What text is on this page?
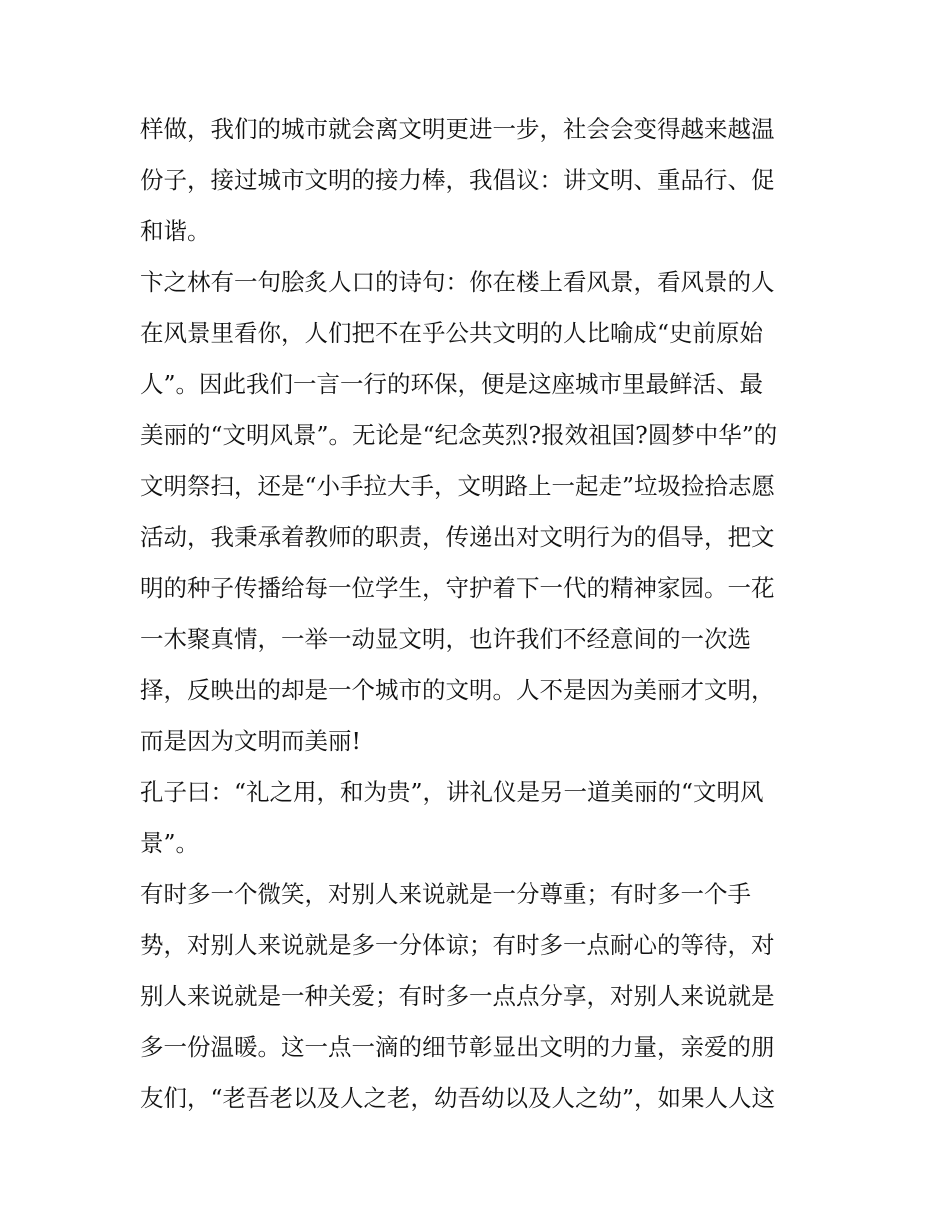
样做，我们的城市就会离文明更进一步，社会会变得越来越温
份子，接过城市文明的接力棒，我倡议：讲文明、重品行、促
和谐。
卞之林有一句脍炙人口的诗句：你在楼上看风景，看风景的人
在风景里看你，人们把不在乎公共文明的人比喻成“史前原始
人”。因此我们一言一行的环保，便是这座城市里最鲜活、最
美丽的“文明风景”。无论是“纪念英烈?报效祖国?圆梦中华”的
文明祭扫，还是“小手拉大手，文明路上一起走”垃圾捡拾志愿
活动，我秉承着教师的职责，传递出对文明行为的倡导，把文
明的种子传播给每一位学生，守护着下一代的精神家园。一花
一木聚真情，一举一动显文明，也许我们不经意间的一次选
择，反映出的却是一个城市的文明。人不是因为美丽才文明，
而是因为文明而美丽!
孔子曰：“礼之用，和为贵”，讲礼仪是另一道美丽的“文明风
景”。
有时多一个微笑，对别人来说就是一分尊重；有时多一个手
势，对别人来说就是多一分体谅；有时多一点耐心的等待，对
别人来说就是一种关爱；有时多一点点分享，对别人来说就是
多一份温暖。这一点一滴的细节彰显出文明的力量，亲爱的朋
友们，“老吾老以及人之老，幼吾幼以及人之幼”，如果人人这
